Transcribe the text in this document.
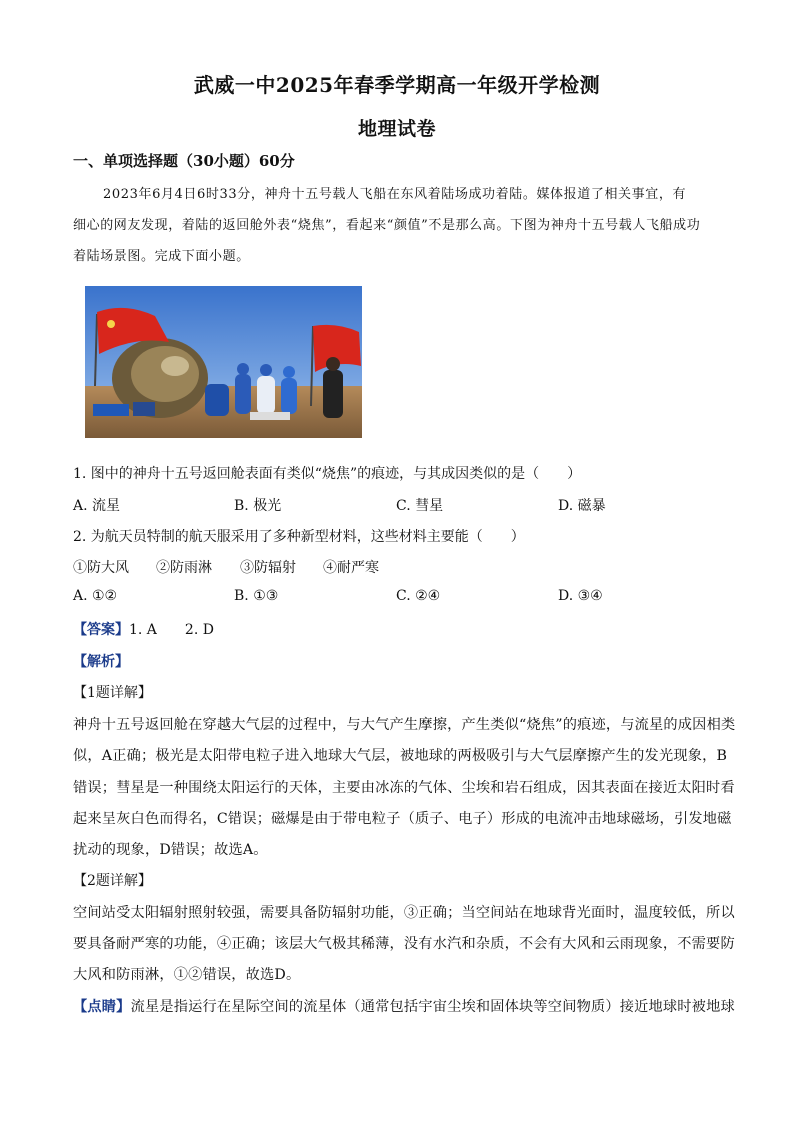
武威一中2025年春季学期高一年级开学检测
地理试卷
一、单项选择题（30小题）60分
2023年6月4日6时33分，神舟十五号载人飞船在东风着陆场成功着陆。媒体报道了相关事宜，有
细心的网友发现，着陆的返回舱外表“烧焦”，看起来“颜值”不是那么高。下图为神舟十五号载人飞船成功
着陆场景图。完成下面小题。
1. 图中的神舟十五号返回舱表面有类似“烧焦”的痕迹，与其成因类似的是（　　）
A. 流星	B. 极光	C. 彗星	D. 磁暴
2. 为航天员特制的航天服采用了多种新型材料，这些材料主要能（　　）
①防大风 ②防雨淋 ③防辐射 ④耐严寒
A. ①②	B. ①③	C. ②④	D. ③④
【答案】1. A　　2. D
【解析】
【1题详解】
神舟十五号返回舱在穿越大气层的过程中，与大气产生摩擦，产生类似“烧焦”的痕迹，与流星的成因相类
似，A正确；极光是太阳带电粒子进入地球大气层，被地球的两极吸引与大气层摩擦产生的发光现象，B
错误；彗星是一种围绕太阳运行的天体，主要由冰冻的气体、尘埃和岩石组成，因其表面在接近太阳时看
起来呈灰白色而得名，C错误；磁爆是由于带电粒子（质子、电子）形成的电流冲击地球磁场，引发地磁
扰动的现象，D错误；故选A。
【2题详解】
空间站受太阳辐射照射较强，需要具备防辐射功能，③正确；当空间站在地球背光面时，温度较低，所以
要具备耐严寒的功能，④正确；该层大气极其稀薄，没有水汽和杂质，不会有大风和云雨现象，不需要防
大风和防雨淋，①②错误，故选D。
【点睛】流星是指运行在星际空间的流星体（通常包括宇宙尘埃和固体块等空间物质）接近地球时被地球
